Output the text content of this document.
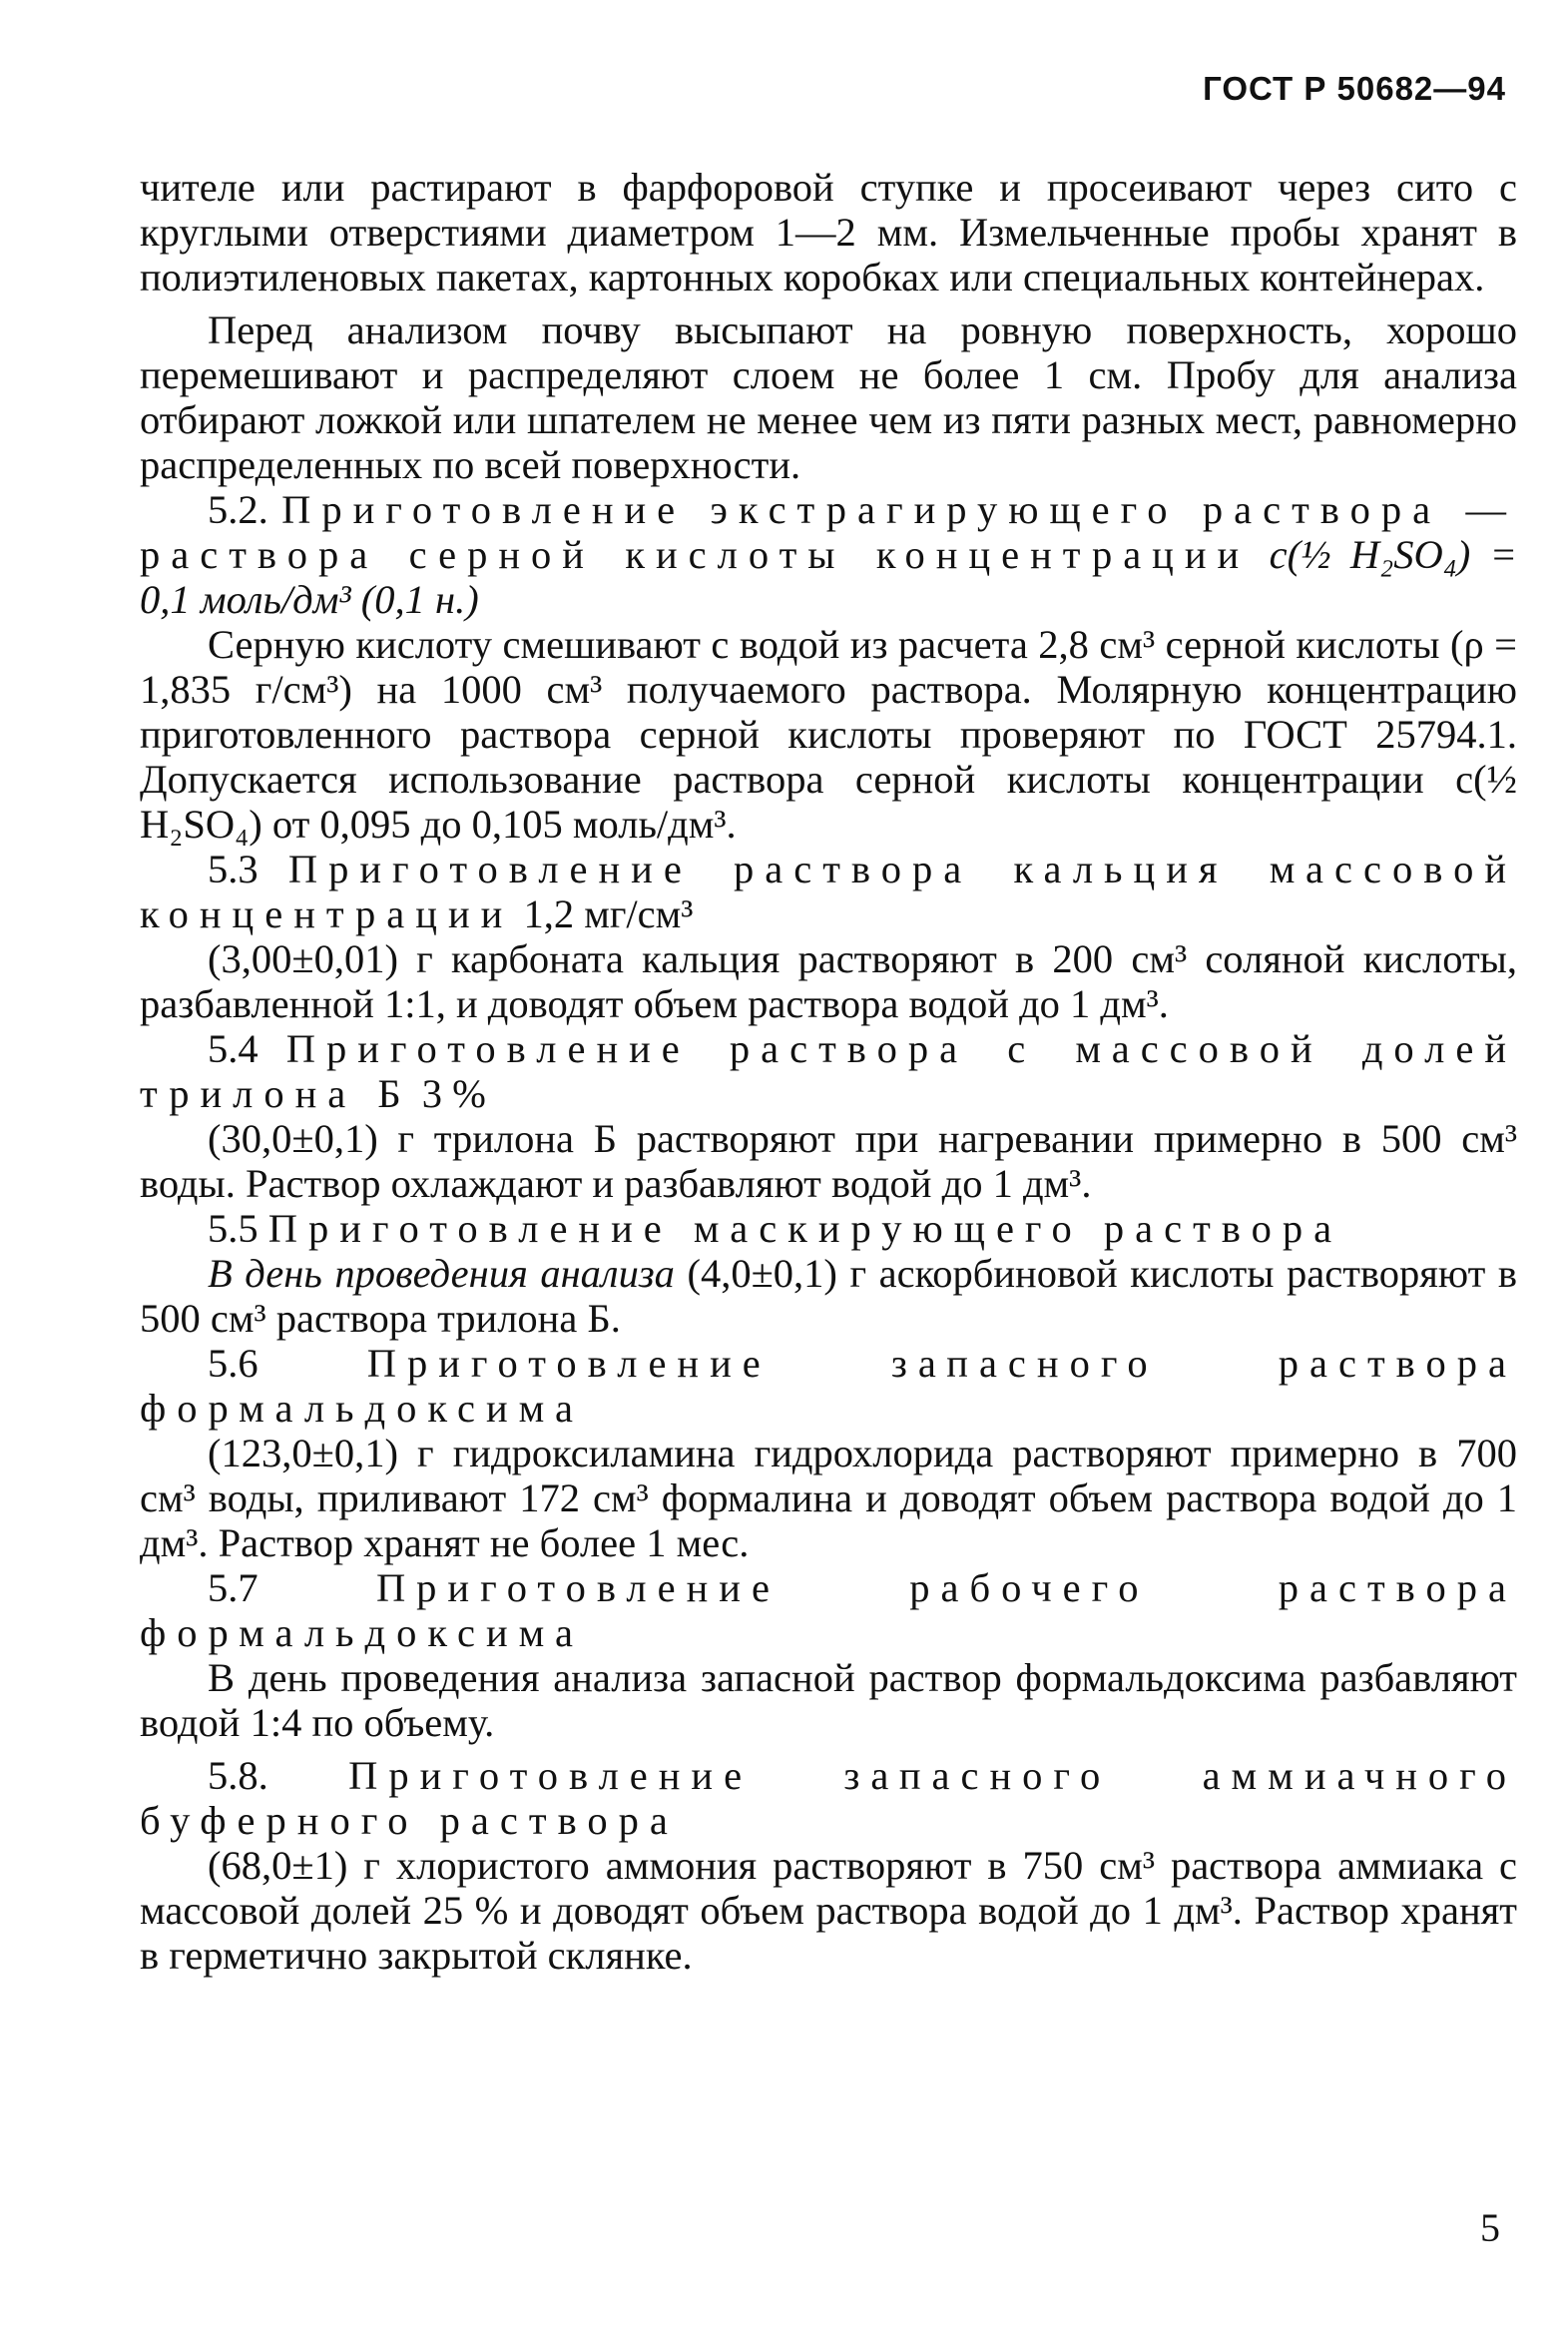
ГОСТ Р 50682—94

чителе или растирают в фарфоровой ступке и просеивают через сито с круглыми отверстиями диаметром 1—2 мм. Измельченные пробы хранят в полиэтиленовых пакетах, картонных коробках или специальных контейнерах.

Перед анализом почву высыпают на ровную поверхность, хорошо перемешивают и распределяют слоем не более 1 см. Пробу для анализа отбирают ложкой или шпателем не менее чем из пяти разных мест, равномерно распределенных по всей поверхности.

5.2. Приготовление экстрагирующего раствора — раствора серной кислоты концентрации c(½ H₂SO₄) = 0,1 моль/дм³ (0,1 н.)

Серную кислоту смешивают с водой из расчета 2,8 см³ серной кислоты (ρ = 1,835 г/см³) на 1000 см³ получаемого раствора. Молярную концентрацию приготовленного раствора серной кислоты проверяют по ГОСТ 25794.1. Допускается использование раствора серной кислоты концентрации c(½ H₂SO₄) от 0,095 до 0,105 моль/дм³.

5.3 Приготовление раствора кальция массовой концентрации 1,2 мг/см³

(3,00±0,01) г карбоната кальция растворяют в 200 см³ соляной кислоты, разбавленной 1:1, и доводят объем раствора водой до 1 дм³.

5.4 Приготовление раствора с массовой долей трилона Б 3 %

(30,0±0,1) г трилона Б растворяют при нагревании примерно в 500 см³ воды. Раствор охлаждают и разбавляют водой до 1 дм³.

5.5 Приготовление маскирующего раствора

В день проведения анализа (4,0±0,1) г аскорбиновой кислоты растворяют в 500 см³ раствора трилона Б.

5.6	Приготовление запасного раствора формальдоксима

(123,0±0,1) г гидроксиламина гидрохлорида растворяют примерно в 700 см³ воды, приливают 172 см³ формалина и доводят объем раствора водой до 1 дм³. Раствор хранят не более 1 мес.

5.7	Приготовление рабочего раствора формальдоксима

В день проведения анализа запасной раствор формальдоксима разбавляют водой 1:4 по объему.

5.8. Приготовление запасного аммиачного буферного раствора

(68,0±1) г хлористого аммония растворяют в 750 см³ раствора аммиака с массовой долей 25 % и доводят объем раствора водой до 1 дм³. Раствор хранят в герметично закрытой склянке.

5
